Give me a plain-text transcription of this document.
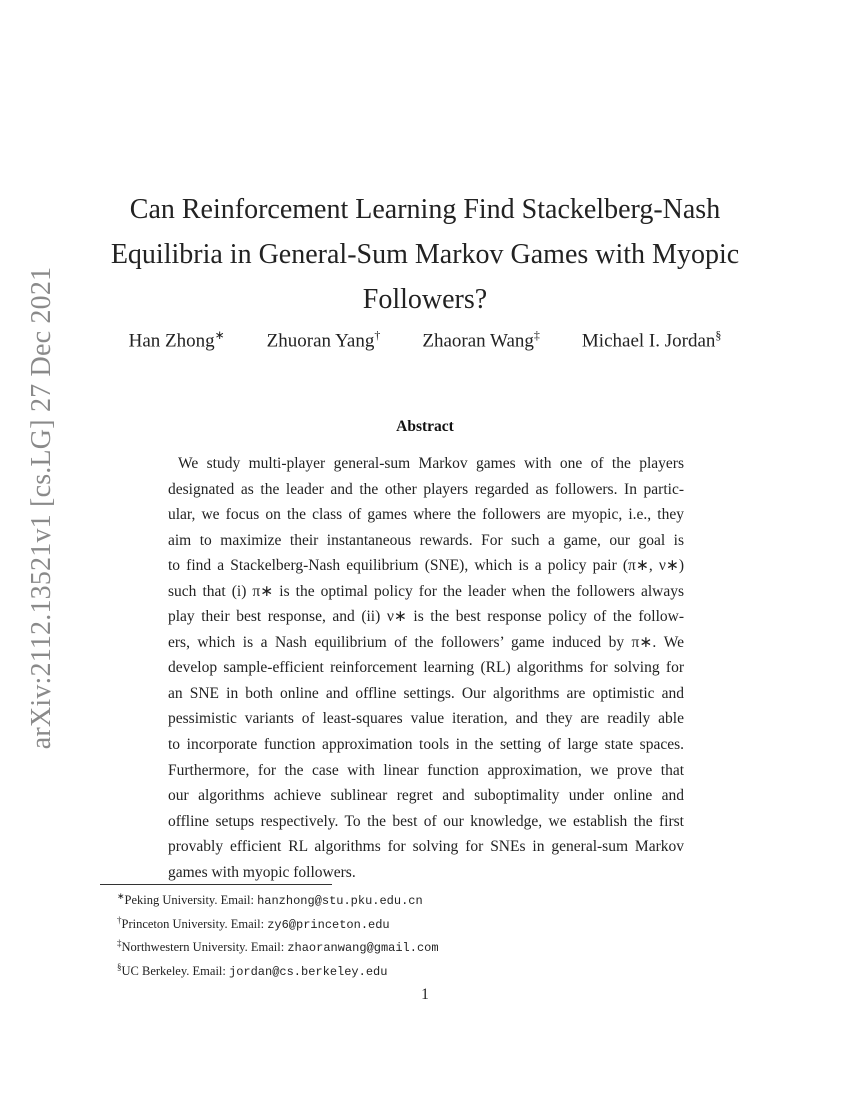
arXiv:2112.13521v1 [cs.LG] 27 Dec 2021
Can Reinforcement Learning Find Stackelberg-Nash
Equilibria in General-Sum Markov Games with Myopic
Followers?
Han Zhong∗ Zhuoran Yang† Zhaoran Wang‡ Michael I. Jordan§
Abstract
We study multi-player general-sum Markov games with one of the players
designated as the leader and the other players regarded as followers. In partic-
ular, we focus on the class of games where the followers are myopic, i.e., they
aim to maximize their instantaneous rewards. For such a game, our goal is
to find a Stackelberg-Nash equilibrium (SNE), which is a policy pair (π∗, ν∗)
such that (i) π∗ is the optimal policy for the leader when the followers always
play their best response, and (ii) ν∗ is the best response policy of the follow-
ers, which is a Nash equilibrium of the followers’ game induced by π∗. We
develop sample-efficient reinforcement learning (RL) algorithms for solving for
an SNE in both online and offline settings. Our algorithms are optimistic and
pessimistic variants of least-squares value iteration, and they are readily able
to incorporate function approximation tools in the setting of large state spaces.
Furthermore, for the case with linear function approximation, we prove that
our algorithms achieve sublinear regret and suboptimality under online and
offline setups respectively. To the best of our knowledge, we establish the first
provably efficient RL algorithms for solving for SNEs in general-sum Markov
games with myopic followers.
∗Peking University. Email: hanzhong@stu.pku.edu.cn
†Princeton University. Email: zy6@princeton.edu
‡Northwestern University. Email: zhaoranwang@gmail.com
§UC Berkeley. Email: jordan@cs.berkeley.edu
1
